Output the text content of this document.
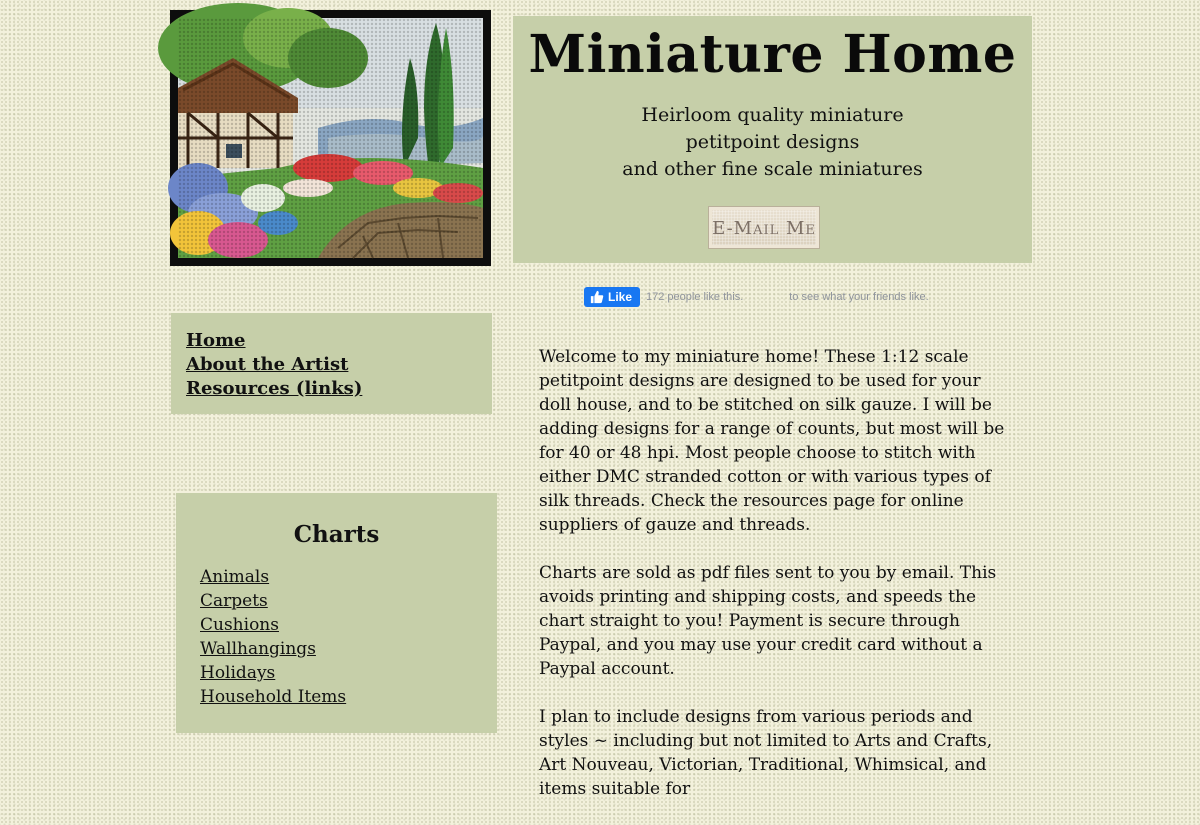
Miniature Home
Heirloom quality miniature
petitpoint designs
and other fine scale miniatures
E-Mail Me
Like 172 people like this.	to see what your friends like.
Home
About the Artist
Resources (links)
Charts
Animals
Carpets
Cushions
Wallhangings
Holidays
Household Items

Welcome to my miniature home! These 1:12 scale petitpoint designs are designed to be used for your doll house, and to be stitched on silk gauze. I will be adding designs for a range of counts, but most will be for 40 or 48 hpi. Most people choose to stitch with either DMC stranded cotton or with various types of silk threads. Check the resources page for online suppliers of gauze and threads.

Charts are sold as pdf files sent to you by email. This avoids printing and shipping costs, and speeds the chart straight to you! Payment is secure through Paypal, and you may use your credit card without a Paypal account.

I plan to include designs from various periods and styles ~ including but not limited to Arts and Crafts, Art Nouveau, Victorian, Traditional, Whimsical, and items suitable for
